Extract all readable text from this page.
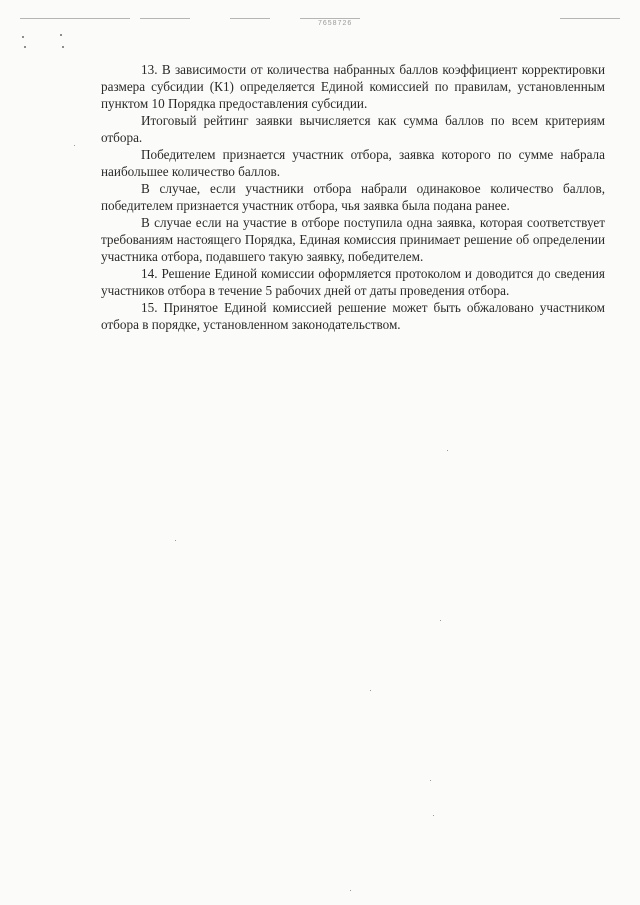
7658726

13. В зависимости от количества набранных баллов коэффициент корректировки размера субсидии (К1) определяется Единой комиссией по правилам, установленным пунктом 10 Порядка предоставления субсидии.

Итоговый рейтинг заявки вычисляется как сумма баллов по всем критериям отбора.

Победителем признается участник отбора, заявка которого по сумме набрала наибольшее количество баллов.

В случае, если участники отбора набрали одинаковое количество баллов, победителем признается участник отбора, чья заявка была подана ранее.

В случае если на участие в отборе поступила одна заявка, которая соответствует требованиям настоящего Порядка, Единая комиссия принимает решение об определении участника отбора, подавшего такую заявку, победителем.

14. Решение Единой комиссии оформляется протоколом и доводится до сведения участников отбора в течение 5 рабочих дней от даты проведения отбора.

15. Принятое Единой комиссией решение может быть обжаловано участником отбора в порядке, установленном законодательством.
